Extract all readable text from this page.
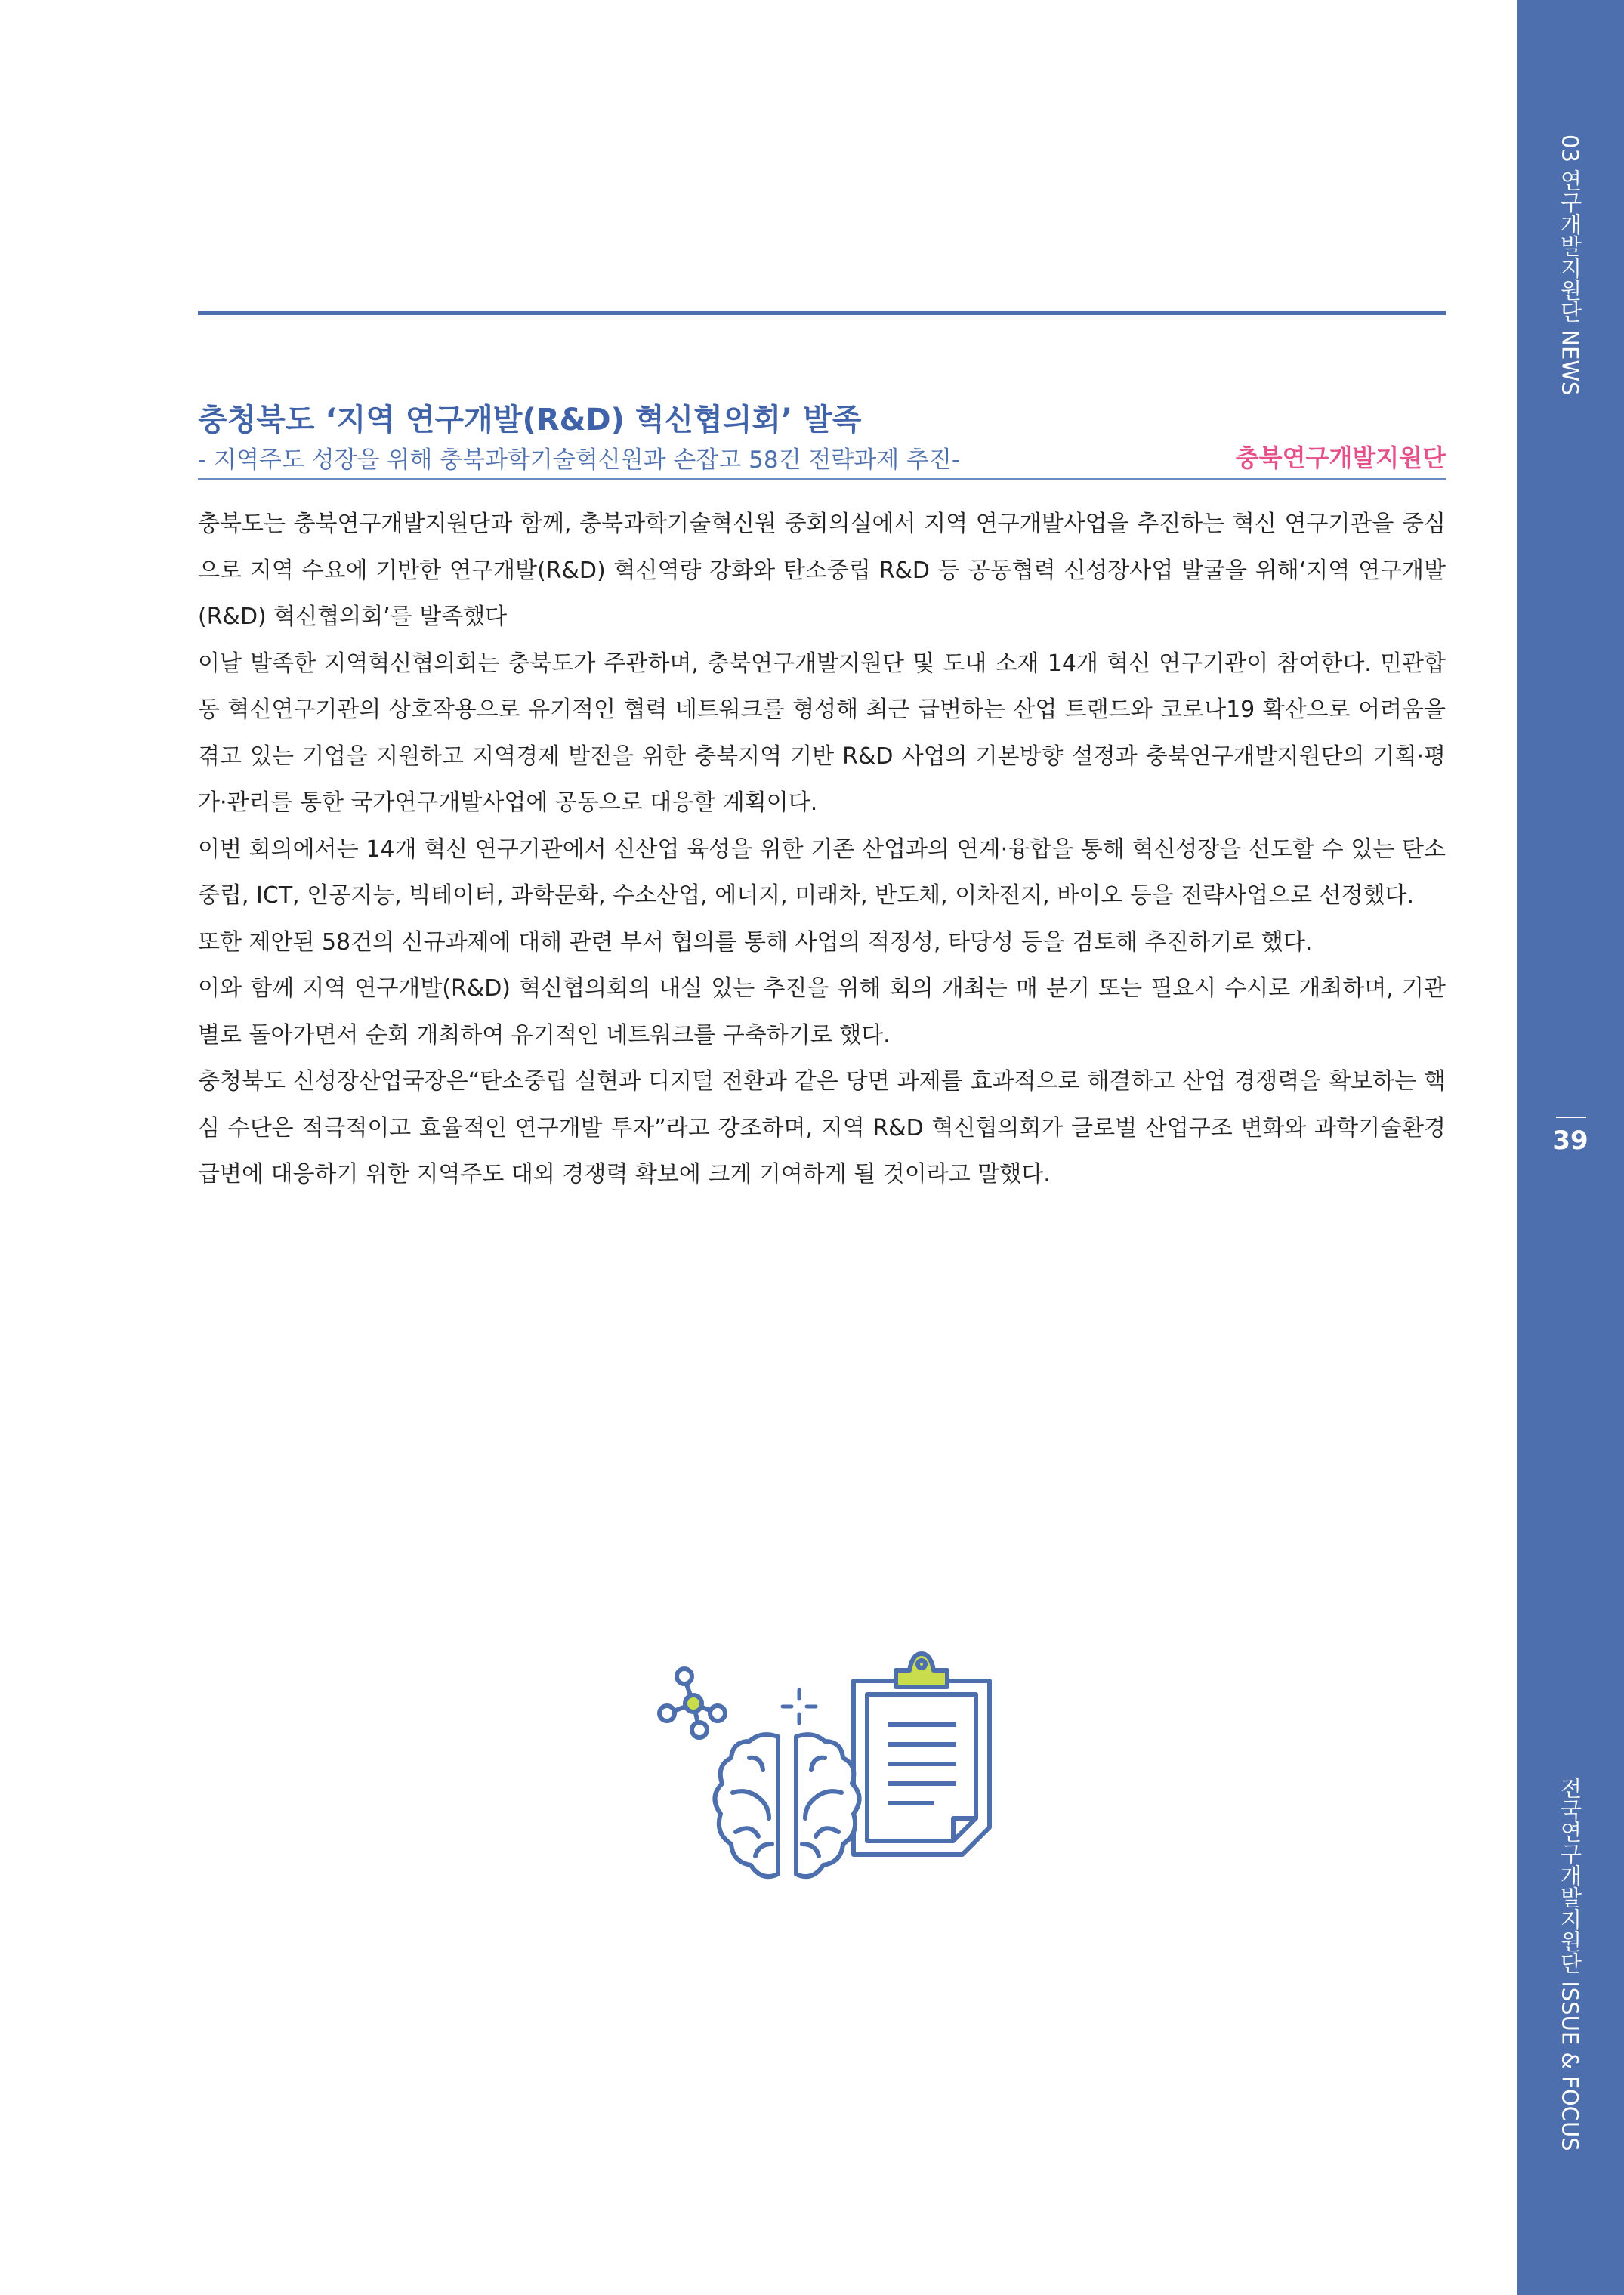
03 연구개발지원단 NEWS
39
전국연구개발지원단 ISSUE & FOCUS
충청북도 ‘지역 연구개발(R&D) 혁신협의회’ 발족
- 지역주도 성장을 위해 충북과학기술혁신원과 손잡고 58건 전략과제 추진-	충북연구개발지원단

충북도는 충북연구개발지원단과 함께, 충북과학기술혁신원 중회의실에서 지역 연구개발사업을 추진하는 혁신 연구기관을 중심으로 지역 수요에 기반한 연구개발(R&D) 혁신역량 강화와 탄소중립 R&D 등 공동협력 신성장사업 발굴을 위해‘지역 연구개발(R&D) 혁신협의회’를 발족했다

이날 발족한 지역혁신협의회는 충북도가 주관하며, 충북연구개발지원단 및 도내 소재 14개 혁신 연구기관이 참여한다. 민관합동 혁신연구기관의 상호작용으로 유기적인 협력 네트워크를 형성해 최근 급변하는 산업 트랜드와 코로나19 확산으로 어려움을 겪고 있는 기업을 지원하고 지역경제 발전을 위한 충북지역 기반 R&D 사업의 기본방향 설정과 충북연구개발지원단의 기획·평가·관리를 통한 국가연구개발사업에 공동으로 대응할 계획이다.

이번 회의에서는 14개 혁신 연구기관에서 신산업 육성을 위한 기존 산업과의 연계·융합을 통해 혁신성장을 선도할 수 있는 탄소중립, ICT, 인공지능, 빅테이터, 과학문화, 수소산업, 에너지, 미래차, 반도체, 이차전지, 바이오 등을 전략사업으로 선정했다.

또한 제안된 58건의 신규과제에 대해 관련 부서 협의를 통해 사업의 적정성, 타당성 등을 검토해 추진하기로 했다.

이와 함께 지역 연구개발(R&D) 혁신협의회의 내실 있는 추진을 위해 회의 개최는 매 분기 또는 필요시 수시로 개최하며, 기관별로 돌아가면서 순회 개최하여 유기적인 네트워크를 구축하기로 했다.

충청북도 신성장산업국장은“탄소중립 실현과 디지털 전환과 같은 당면 과제를 효과적으로 해결하고 산업 경쟁력을 확보하는 핵심 수단은 적극적이고 효율적인 연구개발 투자”라고 강조하며, 지역 R&D 혁신협의회가 글로벌 산업구조 변화와 과학기술환경 급변에 대응하기 위한 지역주도 대외 경쟁력 확보에 크게 기여하게 될 것이라고 말했다.
